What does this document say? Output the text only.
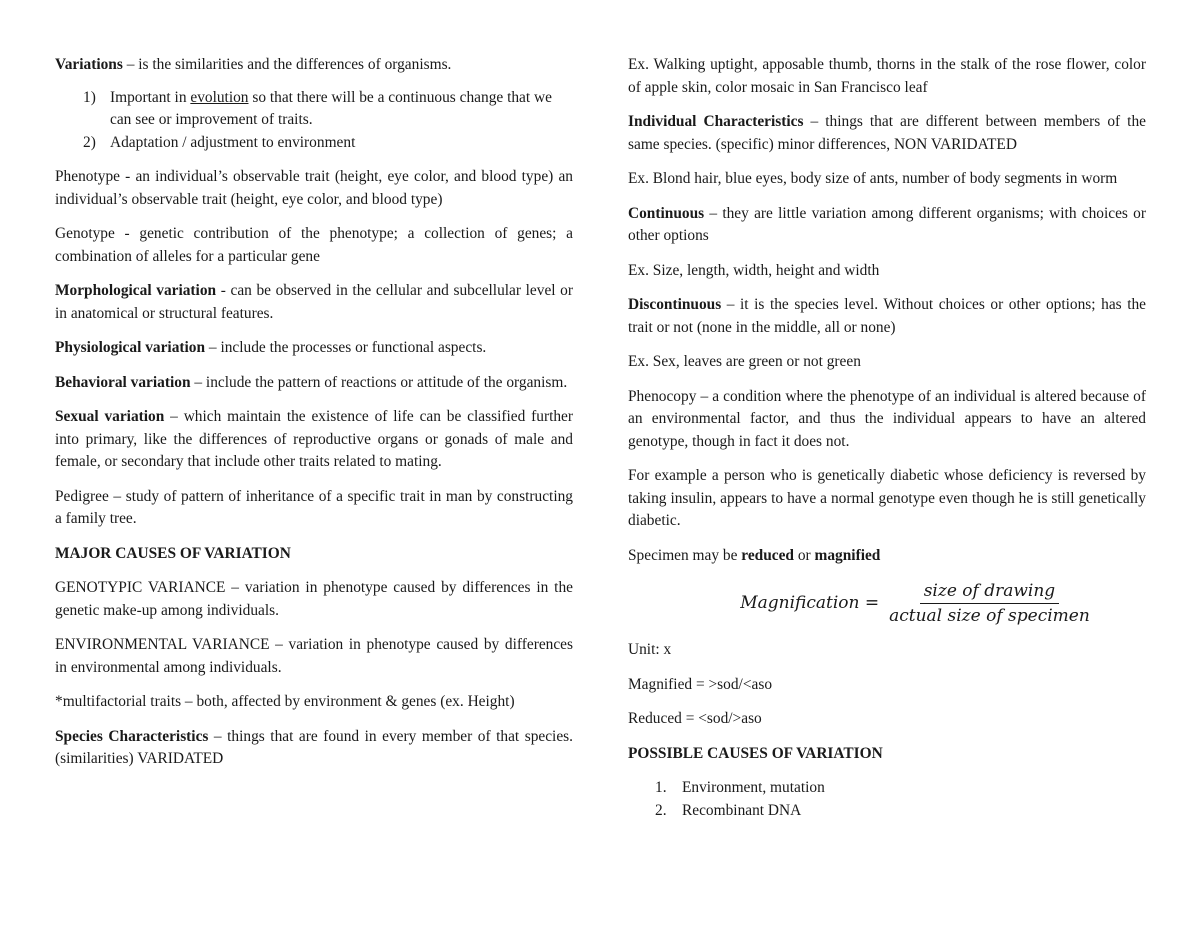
Variations – is the similarities and the differences of organisms.

1) Important in evolution so that there will be a continuous change that we can see or improvement of traits.
2) Adaptation / adjustment to environment

Phenotype - an individual’s observable trait (height, eye color, and blood type) an individual’s observable trait (height, eye color, and blood type)

Genotype - genetic contribution of the phenotype; a collection of genes; a combination of alleles for a particular gene

Morphological variation - can be observed in the cellular and subcellular level or in anatomical or structural features.

Physiological variation – include the processes or functional aspects.

Behavioral variation – include the pattern of reactions or attitude of the organism.

Sexual variation – which maintain the existence of life can be classified further into primary, like the differences of reproductive organs or gonads of male and female, or secondary that include other traits related to mating.

Pedigree – study of pattern of inheritance of a specific trait in man by constructing a family tree.

MAJOR CAUSES OF VARIATION

GENOTYPIC VARIANCE – variation in phenotype caused by differences in the genetic make-up among individuals.

ENVIRONMENTAL VARIANCE – variation in phenotype caused by differences in environmental among individuals.

*multifactorial traits – both, affected by environment & genes (ex. Height)

Species Characteristics – things that are found in every member of that species. (similarities) VARIDATED

Ex. Walking uptight, apposable thumb, thorns in the stalk of the rose flower, color of apple skin, color mosaic in San Francisco leaf

Individual Characteristics – things that are different between members of the same species. (specific) minor differences, NON VARIDATED

Ex. Blond hair, blue eyes, body size of ants, number of body segments in worm

Continuous – they are little variation among different organisms; with choices or other options

Ex. Size, length, width, height and width

Discontinuous – it is the species level. Without choices or other options; has the trait or not (none in the middle, all or none)

Ex. Sex, leaves are green or not green

Phenocopy – a condition where the phenotype of an individual is altered because of an environmental factor, and thus the individual appears to have an altered genotype, though in fact it does not.

For example a person who is genetically diabetic whose deficiency is reversed by taking insulin, appears to have a normal genotype even though he is still genetically diabetic.

Specimen may be reduced or magnified

Magnification = $\frac{\text{size of drawing}}{\text{actual size of specimen}}$

Unit: x

Magnified = >sod/<aso

Reduced = <sod/>aso

POSSIBLE CAUSES OF VARIATION

1.	Environment, mutation
2.	Recombinant DNA
